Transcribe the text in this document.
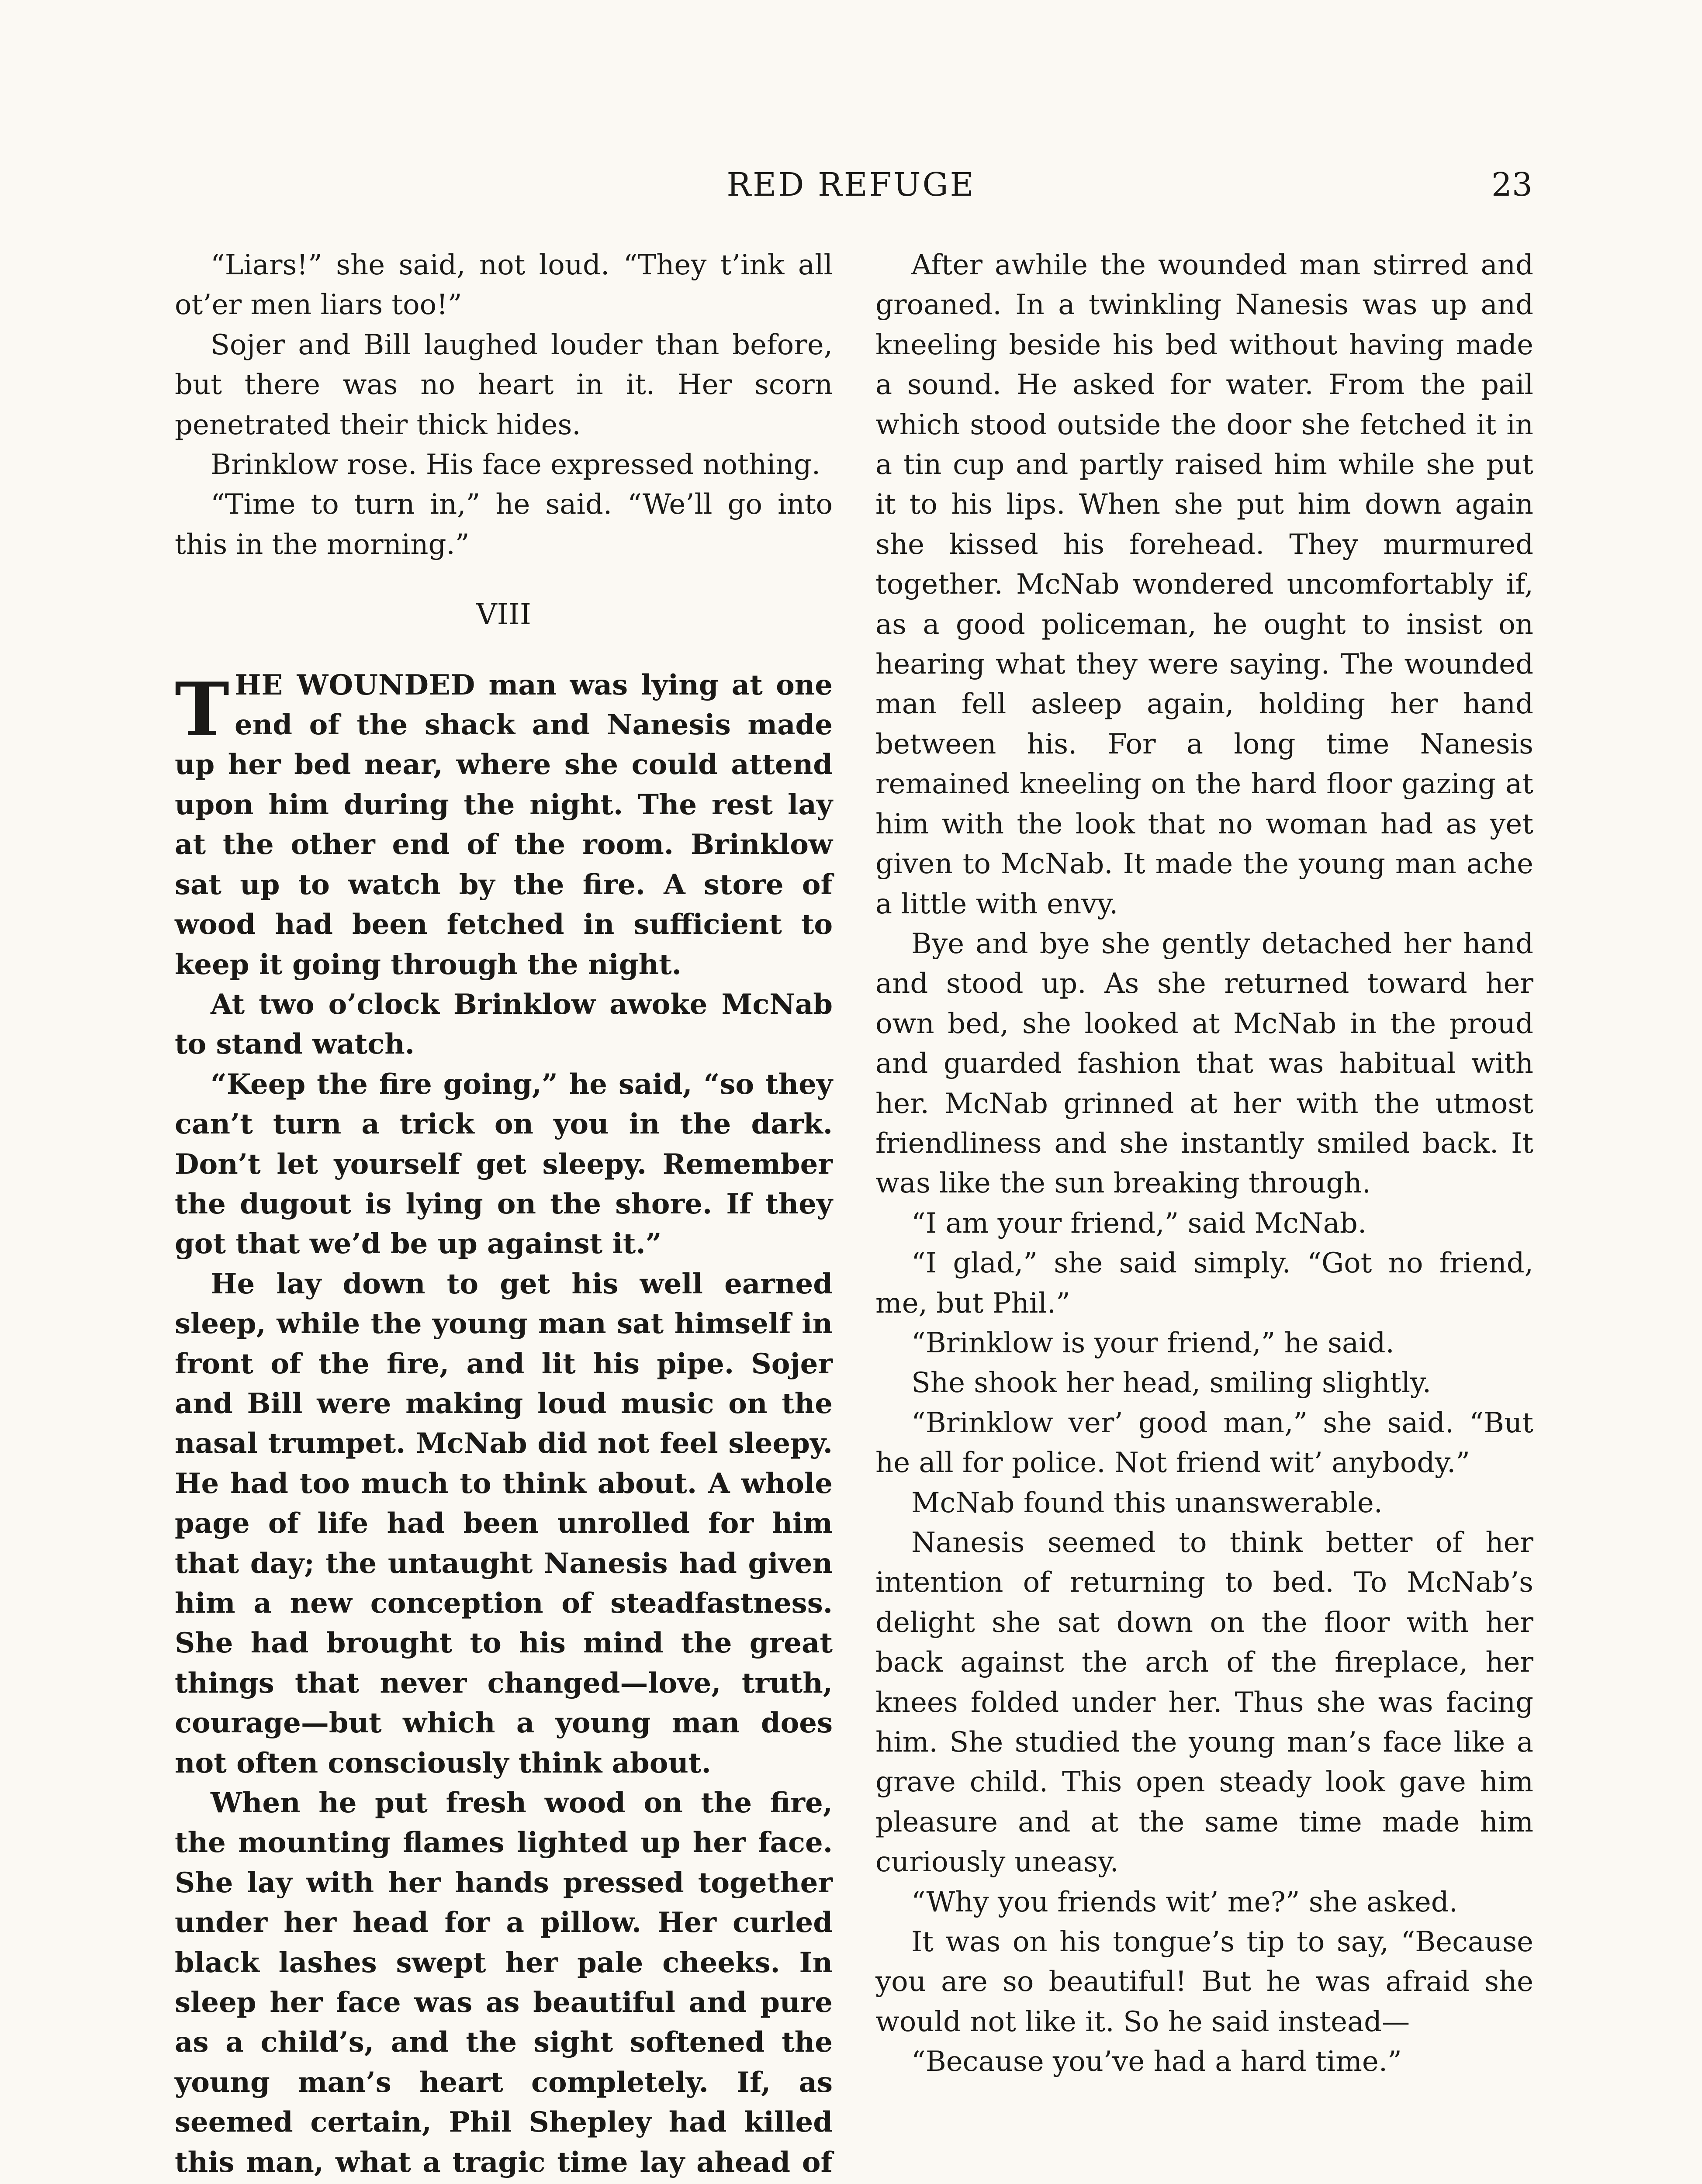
RED REFUGE	23

“Liars!” she said, not loud. “They t’ink all ot’er men liars too!”

Sojer and Bill laughed louder than before, but there was no heart in it. Her scorn penetrated their thick hides.

Brinklow rose. His face expressed nothing.

“Time to turn in,” he said. “We’ll go into this in the morning.”

VIII

THE WOUNDED man was lying at one end of the shack and Nanesis made up her bed near, where she could attend upon him during the night. The rest lay at the other end of the room. Brinklow sat up to watch by the fire. A store of wood had been fetched in sufficient to keep it going through the night.

At two o’clock Brinklow awoke McNab to stand watch.

“Keep the fire going,” he said, “so they can’t turn a trick on you in the dark. Don’t let yourself get sleepy. Remember the dugout is lying on the shore. If they got that we’d be up against it.”

He lay down to get his well earned sleep, while the young man sat himself in front of the fire, and lit his pipe. Sojer and Bill were making loud music on the nasal trumpet. McNab did not feel sleepy. He had too much to think about. A whole page of life had been unrolled for him that day; the untaught Nanesis had given him a new conception of steadfastness. She had brought to his mind the great things that never changed—love, truth, courage—but which a young man does not often consciously think about.

When he put fresh wood on the fire, the mounting flames lighted up her face. She lay with her hands pressed together under her head for a pillow. Her curled black lashes swept her pale cheeks. In sleep her face was as beautiful and pure as a child’s, and the sight softened the young man’s heart completely. If, as seemed certain, Phil Shepley had killed this man, what a tragic time lay ahead of

After awhile the wounded man stirred and groaned. In a twinkling Nanesis was up and kneeling beside his bed without having made a sound. He asked for water. From the pail which stood outside the door she fetched it in a tin cup and partly raised him while she put it to his lips. When she put him down again she kissed his forehead. They murmured together. McNab wondered uncomfortably if, as a good policeman, he ought to insist on hearing what they were saying. The wounded man fell asleep again, holding her hand between his. For a long time Nanesis remained kneeling on the hard floor gazing at him with the look that no woman had as yet given to McNab. It made the young man ache a little with envy.

Bye and bye she gently detached her hand and stood up. As she returned toward her own bed, she looked at McNab in the proud and guarded fashion that was habitual with her. McNab grinned at her with the utmost friendliness and she instantly smiled back. It was like the sun breaking through.

“I am your friend,” said McNab.

“I glad,” she said simply. “Got no friend, me, but Phil.”

“Brinklow is your friend,” he said.

She shook her head, smiling slightly.

“Brinklow ver’ good man,” she said. “But he all for police. Not friend wit’ anybody.”

McNab found this unanswerable.

Nanesis seemed to think better of her intention of returning to bed. To McNab’s delight she sat down on the floor with her back against the arch of the fireplace, her knees folded under her. Thus she was facing him. She studied the young man’s face like a grave child. This open steady look gave him pleasure and at the same time made him curiously uneasy.

“Why you friends wit’ me?” she asked.

It was on his tongue’s tip to say, “Because you are so beautiful! But he was afraid she would not like it. So he said instead—

“Because you’ve had a hard time.”
